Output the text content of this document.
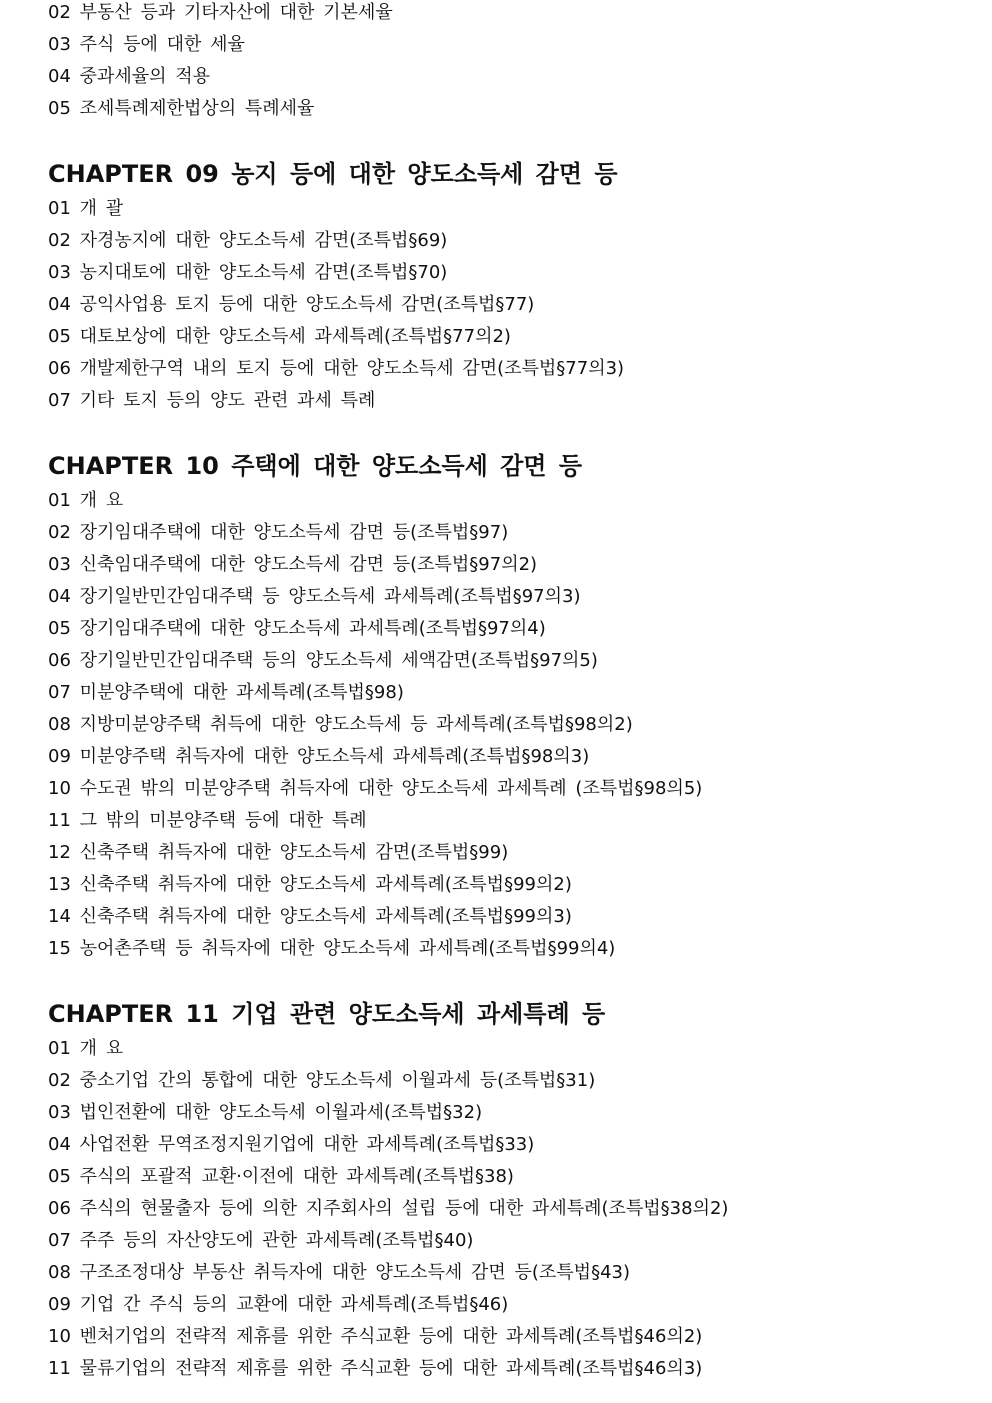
02 부동산 등과 기타자산에 대한 기본세율
03 주식 등에 대한 세율
04 중과세율의 적용
05 조세특례제한법상의 특례세율
CHAPTER 09 농지 등에 대한 양도소득세 감면 등
01 개 괄
02 자경농지에 대한 양도소득세 감면(조특법§69)
03 농지대토에 대한 양도소득세 감면(조특법§70)
04 공익사업용 토지 등에 대한 양도소득세 감면(조특법§77)
05 대토보상에 대한 양도소득세 과세특례(조특법§77의2)
06 개발제한구역 내의 토지 등에 대한 양도소득세 감면(조특법§77의3)
07 기타 토지 등의 양도 관련 과세 특례
CHAPTER 10 주택에 대한 양도소득세 감면 등
01 개 요
02 장기임대주택에 대한 양도소득세 감면 등(조특법§97)
03 신축임대주택에 대한 양도소득세 감면 등(조특법§97의2)
04 장기일반민간임대주택 등 양도소득세 과세특례(조특법§97의3)
05 장기임대주택에 대한 양도소득세 과세특례(조특법§97의4)
06 장기일반민간임대주택 등의 양도소득세 세액감면(조특법§97의5)
07 미분양주택에 대한 과세특례(조특법§98)
08 지방미분양주택 취득에 대한 양도소득세 등 과세특례(조특법§98의2)
09 미분양주택 취득자에 대한 양도소득세 과세특례(조특법§98의3)
10 수도권 밖의 미분양주택 취득자에 대한 양도소득세 과세특례 (조특법§98의5)
11 그 밖의 미분양주택 등에 대한 특례
12 신축주택 취득자에 대한 양도소득세 감면(조특법§99)
13 신축주택 취득자에 대한 양도소득세 과세특례(조특법§99의2)
14 신축주택 취득자에 대한 양도소득세 과세특례(조특법§99의3)
15 농어촌주택 등 취득자에 대한 양도소득세 과세특례(조특법§99의4)
CHAPTER 11 기업 관련 양도소득세 과세특례 등
01 개 요
02 중소기업 간의 통합에 대한 양도소득세 이월과세 등(조특법§31)
03 법인전환에 대한 양도소득세 이월과세(조특법§32)
04 사업전환 무역조정지원기업에 대한 과세특례(조특법§33)
05 주식의 포괄적 교환·이전에 대한 과세특례(조특법§38)
06 주식의 현물출자 등에 의한 지주회사의 설립 등에 대한 과세특례(조특법§38의2)
07 주주 등의 자산양도에 관한 과세특례(조특법§40)
08 구조조정대상 부동산 취득자에 대한 양도소득세 감면 등(조특법§43)
09 기업 간 주식 등의 교환에 대한 과세특례(조특법§46)
10 벤처기업의 전략적 제휴를 위한 주식교환 등에 대한 과세특례(조특법§46의2)
11 물류기업의 전략적 제휴를 위한 주식교환 등에 대한 과세특례(조특법§46의3)
